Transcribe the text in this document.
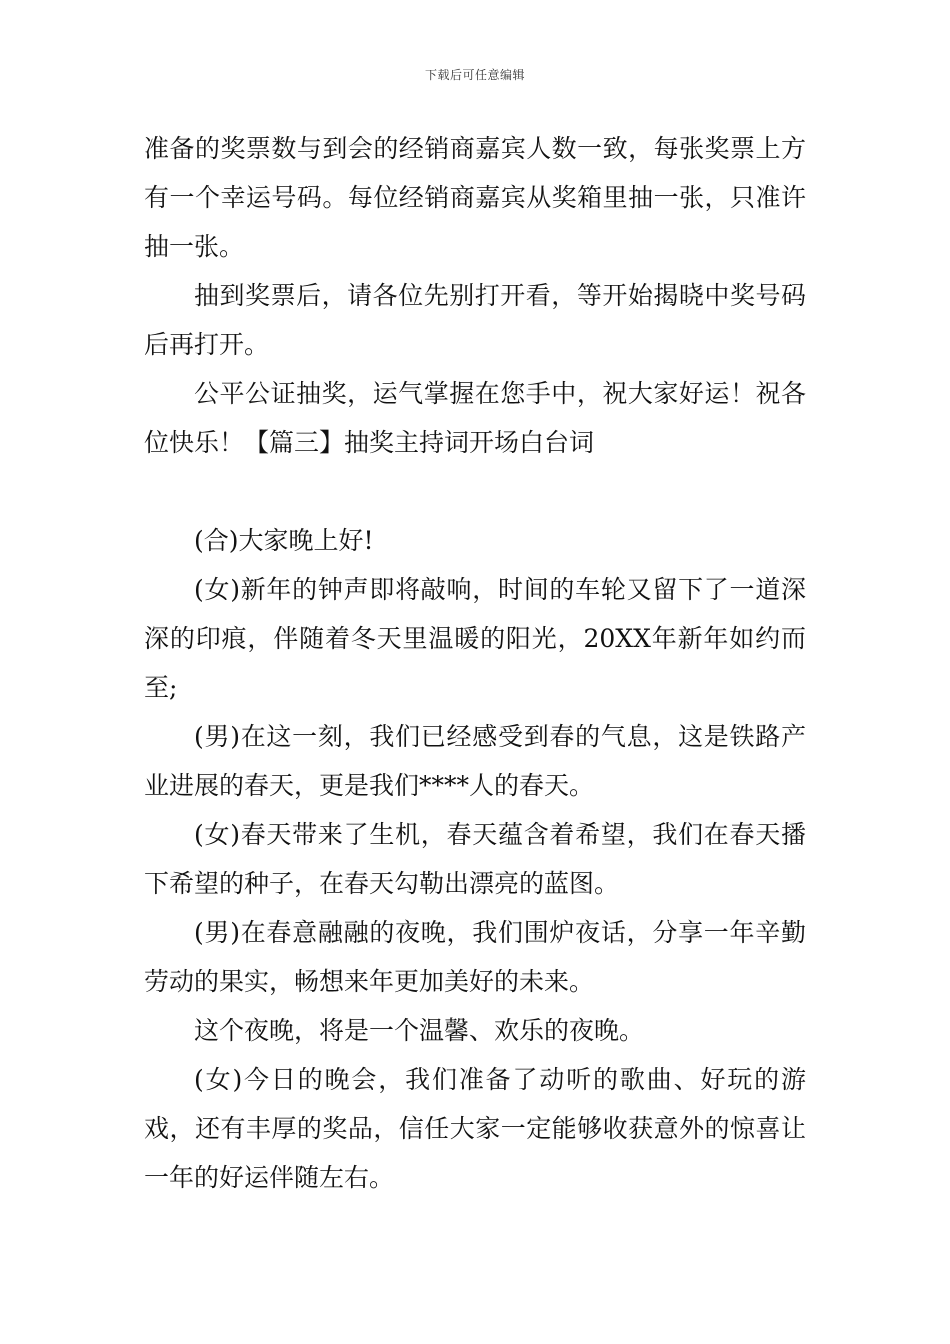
下载后可任意编辑

准备的奖票数与到会的经销商嘉宾人数一致，每张奖票上方有一个幸运号码。每位经销商嘉宾从奖箱里抽一张，只准许抽一张。

抽到奖票后，请各位先别打开看，等开始揭晓中奖号码后再打开。

公平公证抽奖，运气掌握在您手中，祝大家好运！祝各位快乐！【篇三】抽奖主持词开场白台词

(合)大家晚上好!

(女)新年的钟声即将敲响，时间的车轮又留下了一道深深的印痕，伴随着冬天里温暖的阳光，20XX年新年如约而至;

(男)在这一刻，我们已经感受到春的气息，这是铁路产业进展的春天，更是我们****人的春天。

(女)春天带来了生机，春天蕴含着希望，我们在春天播下希望的种子，在春天勾勒出漂亮的蓝图。

(男)在春意融融的夜晚，我们围炉夜话，分享一年辛勤劳动的果实，畅想来年更加美好的未来。

这个夜晚，将是一个温馨、欢乐的夜晚。

(女)今日的晚会，我们准备了动听的歌曲、好玩的游戏，还有丰厚的奖品，信任大家一定能够收获意外的惊喜让一年的好运伴随左右。
